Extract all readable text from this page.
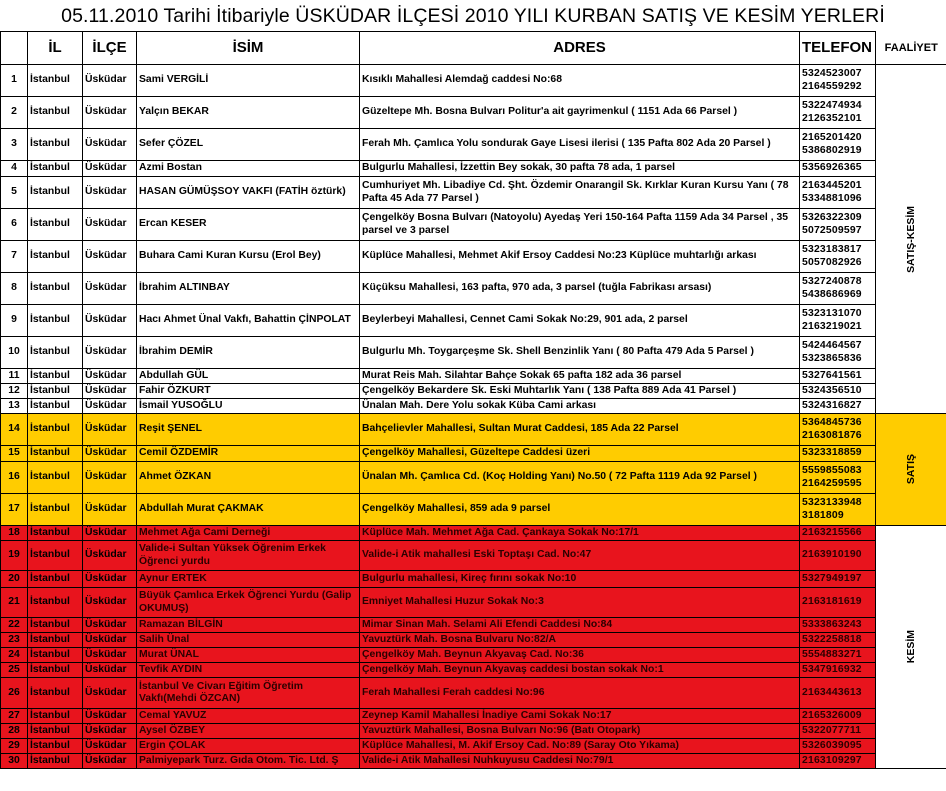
05.11.2010 Tarihi İtibariyle ÜSKÜDAR İLÇESİ 2010 YILI KURBAN SATIŞ VE KESİM YERLERİ
	İL	İLÇE	İSİM	ADRES	TELEFON	FAALİYET
1	İstanbul	Üsküdar	Sami VERGİLİ	Kısıklı Mahallesi Alemdağ caddesi No:68	5324523007
2164559292	SATIŞ-KESİM

2	İstanbul	Üsküdar	Yalçın BEKAR	Güzeltepe Mh. Bosna Bulvarı Politur'a ait gayrimenkul ( 1151 Ada 66 Parsel )	5322474934
2126352101	
3	İstanbul	Üsküdar	Sefer ÇÖZEL	Ferah Mh. Çamlıca Yolu sondurak Gaye Lisesi ilerisi ( 135 Pafta 802 Ada 20 Parsel )	2165201420
5386802919	
4	İstanbul	Üsküdar	Azmi Bostan	Bulgurlu Mahallesi, İzzettin Bey sokak, 30 pafta 78 ada, 1 parsel	5356926365	
5	İstanbul	Üsküdar	HASAN GÜMÜŞSOY VAKFI (FATİH öztürk)	Cumhuriyet Mh. Libadiye Cd. Şht. Özdemir Onarangil Sk. Kırklar Kuran Kursu Yanı ( 78 Pafta 45 Ada 77 Parsel )	2163445201
5334881096	
6	İstanbul	Üsküdar	Ercan KESER	Çengelköy Bosna Bulvarı (Natoyolu) Ayedaş Yeri 150-164 Pafta 1159 Ada 34 Parsel , 35 parsel ve 3 parsel	5326322309
5072509597	
7	İstanbul	Üsküdar	Buhara Cami Kuran Kursu (Erol Bey)	Küplüce Mahallesi, Mehmet Akif Ersoy Caddesi No:23 Küplüce muhtarlığı arkası	5323183817
5057082926	
8	İstanbul	Üsküdar	İbrahim ALTINBAY	Küçüksu Mahallesi, 163 pafta, 970 ada, 3 parsel (tuğla Fabrikası arsası)	5327240878
5438686969	
9	İstanbul	Üsküdar	Hacı Ahmet Ünal Vakfı, Bahattin ÇİNPOLAT	Beylerbeyi Mahallesi, Cennet Cami Sokak No:29, 901 ada, 2 parsel	5323131070
2163219021	
10	İstanbul	Üsküdar	İbrahim DEMİR	Bulgurlu Mh. Toygarçeşme Sk. Shell Benzinlik Yanı ( 80 Pafta 479 Ada 5 Parsel )	5424464567
5323865836	
11	İstanbul	Üsküdar	Abdullah GÜL	Murat Reis Mah. Silahtar Bahçe Sokak 65 pafta 182 ada 36 parsel	5327641561	
12	İstanbul	Üsküdar	Fahir ÖZKURT	Çengelköy Bekardere Sk. Eski Muhtarlık Yanı ( 138 Pafta 889 Ada 41 Parsel )	5324356510	
13	İstanbul	Üsküdar	İsmail YUSOĞLU	Ünalan Mah. Dere Yolu sokak Küba Cami arkası	5324316827	
14	İstanbul	Üsküdar	Reşit ŞENEL	Bahçelievler Mahallesi, Sultan Murat Caddesi, 185 Ada 22 Parsel	5364845736
2163081876	SATIŞ

15	İstanbul	Üsküdar	Cemil ÖZDEMİR	Çengelköy Mahallesi, Güzeltepe Caddesi üzeri	5323318859	
16	İstanbul	Üsküdar	Ahmet ÖZKAN	Ünalan Mh. Çamlıca Cd. (Koç Holding Yanı) No.50 ( 72 Pafta 1119 Ada 92 Parsel )	5559855083
2164259595	
17	İstanbul	Üsküdar	Abdullah Murat ÇAKMAK	Çengelköy Mahallesi, 859 ada 9 parsel	5323133948
3181809	
18	İstanbul	Üsküdar	Mehmet Ağa Cami Derneği	Küplüce Mah. Mehmet Ağa Cad. Çankaya Sokak No:17/1	2163215566	KESİM

19	İstanbul	Üsküdar	Valide-i Sultan Yüksek Öğrenim Erkek Öğrenci yurdu	Valide-i Atik mahallesi Eski Toptaşı Cad. No:47	2163910190	
20	İstanbul	Üsküdar	Aynur ERTEK	Bulgurlu mahallesi, Kireç fırını sokak No:10	5327949197	
21	İstanbul	Üsküdar	Büyük Çamlıca Erkek Öğrenci Yurdu (Galip OKUMUŞ)	Emniyet Mahallesi Huzur Sokak No:3	2163181619	
22	İstanbul	Üsküdar	Ramazan BİLGİN	Mimar Sinan Mah. Selami Ali Efendi Caddesi No:84	5333863243	
23	İstanbul	Üsküdar	Salih Ünal	Yavuztürk Mah. Bosna Bulvaru No:82/A	5322258818	
24	İstanbul	Üsküdar	Murat ÜNAL	Çengelköy Mah. Beynun Akyavaş Cad. No:36	5554883271	
25	İstanbul	Üsküdar	Tevfik AYDIN	Çengelköy Mah. Beynun Akyavaş caddesi bostan sokak No:1	5347916932	
26	İstanbul	Üsküdar	İstanbul Ve Civarı Eğitim Öğretim Vakfı(Mehdi ÖZCAN)	Ferah Mahallesi Ferah caddesi No:96	2163443613	
27	İstanbul	Üsküdar	Cemal YAVUZ	Zeynep Kamil Mahallesi İnadiye Cami Sokak No:17	2165326009	
28	İstanbul	Üsküdar	Aysel ÖZBEY	Yavuztürk Mahallesi, Bosna Bulvarı No:96 (Batı Otopark)	5322077711	
29	İstanbul	Üsküdar	Ergin ÇOLAK	Küplüce Mahallesi, M. Akif Ersoy Cad. No:89 (Saray Oto Yıkama)	5326039095	
30	İstanbul	Üsküdar	Palmiyepark Turz. Gıda Otom. Tic. Ltd. Ş	Valide-i Atik Mahallesi Nuhkuyusu Caddesi No:79/1	2163109297	
